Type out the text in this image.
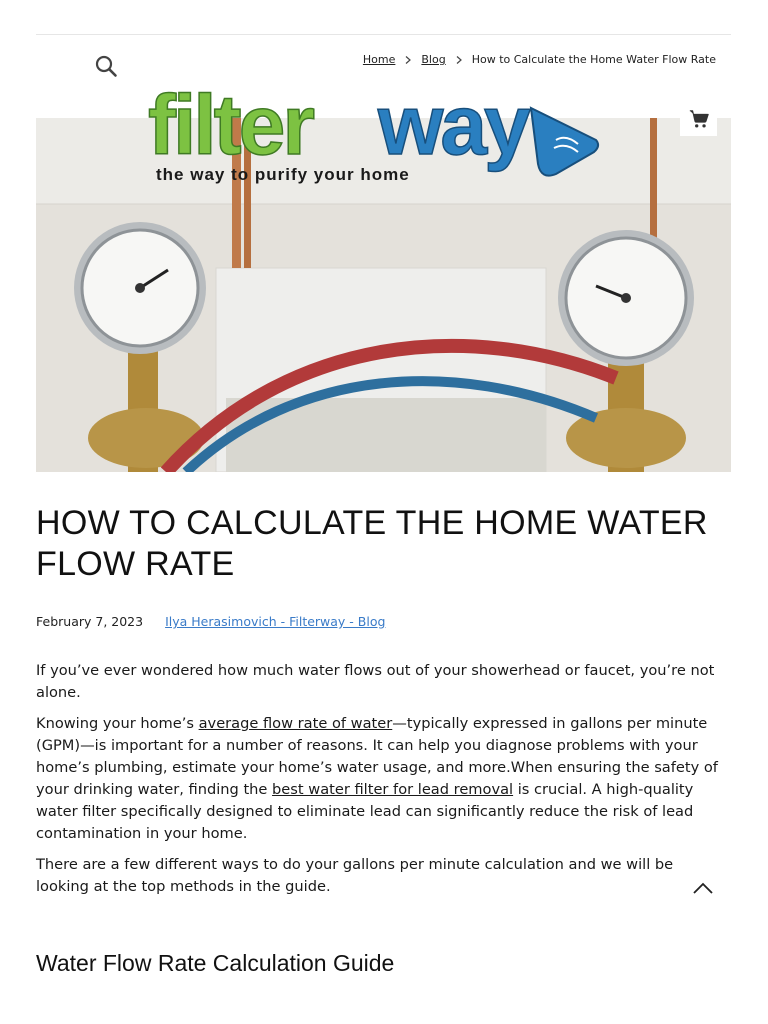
Home Blog How to Calculate the Home Water Flow Rate
filter way
the way to purify your home
HOW TO CALCULATE THE HOME WATER FLOW RATE
February 7, 2023 Ilya Herasimovich - Filterway - Blog

If you’ve ever wondered how much water flows out of your showerhead or faucet, you’re not alone.

Knowing your home’s average flow rate of water—typically expressed in gallons per minute (GPM)—is important for a number of reasons. It can help you diagnose problems with your home’s plumbing, estimate your home’s water usage, and more.When ensuring the safety of your drinking water, finding the best water filter for lead removal is crucial. A high-quality water filter specifically designed to eliminate lead can significantly reduce the risk of lead contamination in your home.

There are a few different ways to do your gallons per minute calculation and we will be looking at the top methods in the guide.

Water Flow Rate Calculation Guide
